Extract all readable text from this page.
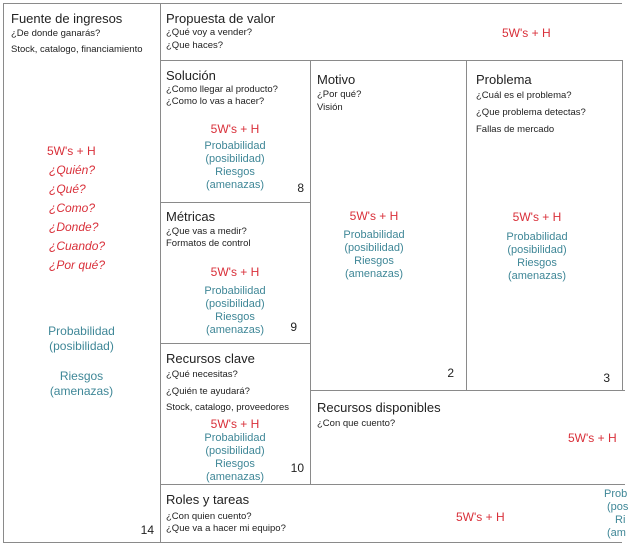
Fuente de ingresos
¿De donde ganarás?
Stock, catalogo, financiamiento
5W's + H
¿Quién?
¿Qué?
¿Como?
¿Donde?
¿Cuando?
¿Por qué?
Probabilidad
(posibilidad)
Riesgos
(amenazas)
14
Propuesta de valor
¿Qué voy a vender?
¿Que haces?
5W's + H
Solución
¿Como llegar al producto?
¿Como lo vas a hacer?
5W's + H
Probabilidad
(posibilidad)
Riesgos
(amenazas)	8
Métricas
¿Que vas a medir?
Formatos de control
5W's + H
Probabilidad
(posibilidad)
Riesgos
(amenazas)	9
Recursos clave
¿Qué necesitas?
¿Quién te ayudará?
Stock, catalogo, proveedores
5W's + H
Probabilidad
(posibilidad)
Riesgos
(amenazas)
10
Motivo
¿Por qué?
Visión
5W's + H
Probabilidad
(posibilidad)
Riesgos
(amenazas)
2
Problema
¿Cuál es el problema?
¿Que problema detectas?
Fallas de mercado
5W's + H
Probabilidad
(posibilidad)
Riesgos
(amenazas)
3
Recursos disponibles
¿Con que cuento?
5W's + H
Roles y tareas
¿Con quien cuento?
¿Que va a hacer mi equipo?
5W's + H
Prob
(pos
Ri
(am
